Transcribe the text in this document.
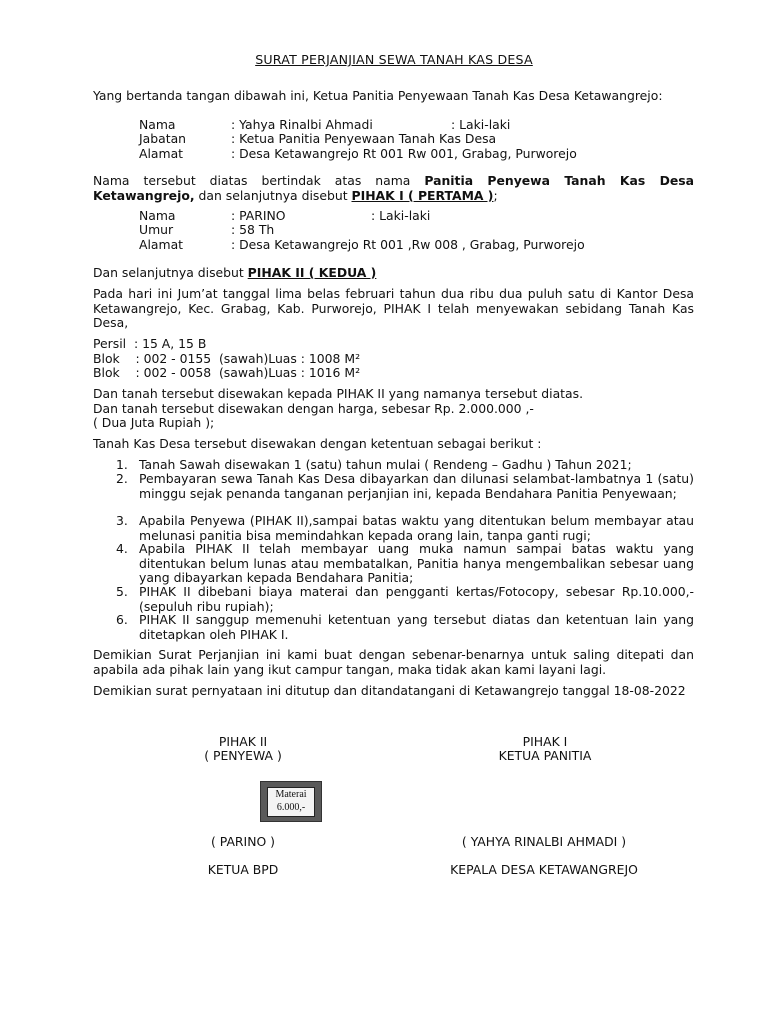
SURAT PERJANJIAN SEWA TANAH KAS DESA
Yang bertanda tangan dibawah ini, Ketua Panitia Penyewaan Tanah Kas Desa Ketawangrejo:
Nama	: Yahya Rinalbi Ahmadi	: Laki-laki
Jabatan	: Ketua Panitia Penyewaan Tanah Kas Desa
Alamat	: Desa Ketawangrejo Rt 001 Rw 001, Grabag, Purworejo
Nama tersebut diatas bertindak atas nama Panitia Penyewa Tanah Kas Desa Ketawangrejo, dan selanjutnya disebut PIHAK I ( PERTAMA );
Nama	: PARINO	: Laki-laki
Umur	: 58 Th
Alamat	: Desa Ketawangrejo Rt 001 ,Rw 008 , Grabag, Purworejo
Dan selanjutnya disebut PIHAK II ( KEDUA )
Pada hari ini Jum’at tanggal lima belas februari tahun dua ribu dua puluh satu di Kantor Desa Ketawangrejo, Kec. Grabag, Kab. Purworejo, PIHAK I telah menyewakan sebidang Tanah Kas Desa,
Persil  : 15 A, 15 B
Blok    : 002 - 0155  (sawah)Luas : 1008 M²
Blok    : 002 - 0058  (sawah)Luas : 1016 M²
Dan tanah tersebut disewakan kepada PIHAK II yang namanya tersebut diatas.
Dan tanah tersebut disewakan dengan harga, sebesar Rp. 2.000.000 ,-
( Dua Juta Rupiah );
Tanah Kas Desa tersebut disewakan dengan ketentuan sebagai berikut :
1. Tanah Sawah disewakan 1 (satu) tahun mulai ( Rendeng – Gadhu ) Tahun 2021;
2. Pembayaran sewa Tanah Kas Desa dibayarkan dan dilunasi selambat-lambatnya 1 (satu) minggu sejak penanda tanganan perjanjian ini, kepada Bendahara Panitia Penyewaan;
3. Apabila Penyewa (PIHAK II),sampai batas waktu yang ditentukan belum membayar atau melunasi panitia bisa memindahkan kepada orang lain, tanpa ganti rugi;
4. Apabila PIHAK II telah membayar uang muka namun sampai batas waktu yang ditentukan belum lunas atau membatalkan, Panitia hanya mengembalikan sebesar uang yang dibayarkan kepada Bendahara Panitia;
5. PIHAK II dibebani biaya materai dan pengganti kertas/Fotocopy, sebesar Rp.10.000,- (sepuluh ribu rupiah);
6. PIHAK II sanggup memenuhi ketentuan yang tersebut diatas dan ketentuan lain yang ditetapkan oleh PIHAK I.
Demikian Surat Perjanjian ini kami buat dengan sebenar-benarnya untuk saling ditepati dan apabila ada pihak lain yang ikut campur tangan, maka tidak akan kami layani lagi.
Demikian surat pernyataan ini ditutup dan ditandatangani di Ketawangrejo tanggal 18-08-2022
PIHAK II
( PENYEWA )
PIHAK I
KETUA PANITIA
Materai
6.000,-
( PARINO )	( YAHYA RINALBI AHMADI )
KETUA BPD	KEPALA DESA KETAWANGREJO
